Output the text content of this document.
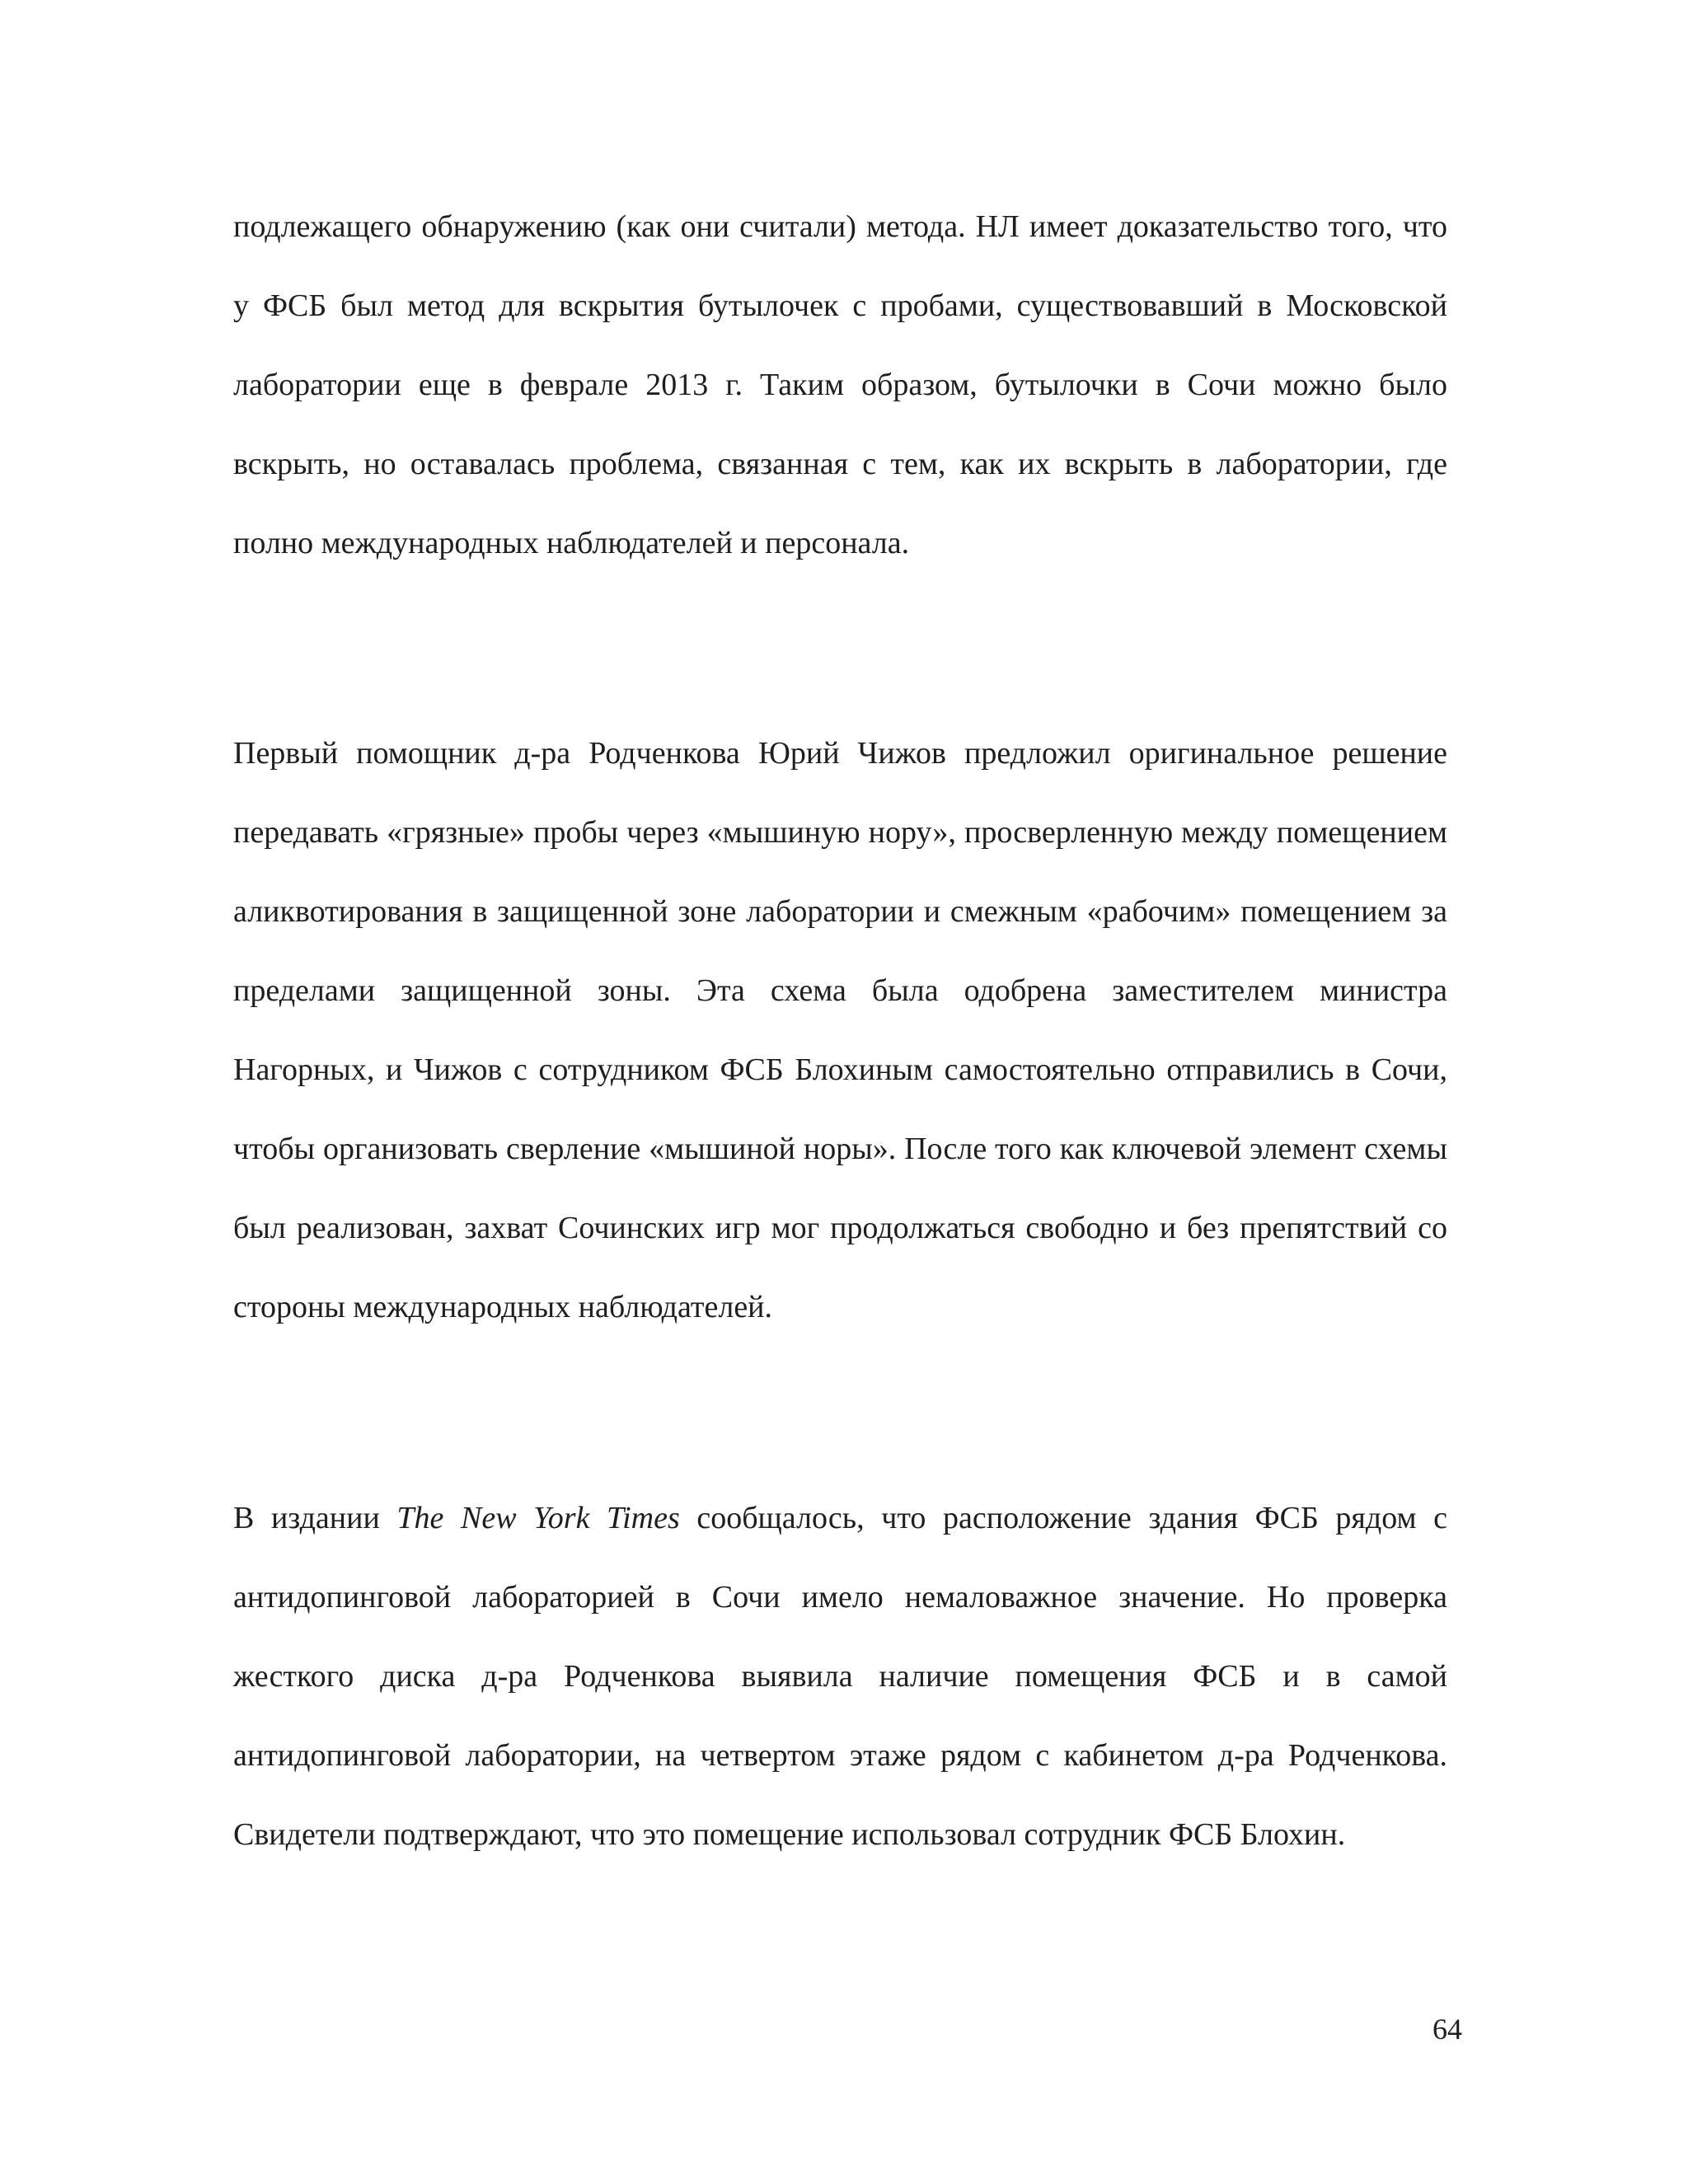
подлежащего обнаружению (как они считали) метода. НЛ имеет доказательство того, что у ФСБ был метод для вскрытия бутылочек с пробами, существовавший в Московской лаборатории еще в феврале 2013 г. Таким образом, бутылочки в Сочи можно было вскрыть, но оставалась проблема, связанная с тем, как их вскрыть в лаборатории, где полно международных наблюдателей и персонала.

Первый помощник д-ра Родченкова Юрий Чижов предложил оригинальное решение передавать «грязные» пробы через «мышиную нору», просверленную между помещением аликвотирования в защищенной зоне лаборатории и смежным «рабочим» помещением за пределами защищенной зоны. Эта схема была одобрена заместителем министра Нагорных, и Чижов с сотрудником ФСБ Блохиным самостоятельно отправились в Сочи, чтобы организовать сверление «мышиной норы». После того как ключевой элемент схемы был реализован, захват Сочинских игр мог продолжаться свободно и без препятствий со стороны международных наблюдателей.

В издании The New York Times сообщалось, что расположение здания ФСБ рядом с антидопинговой лабораторией в Сочи имело немаловажное значение. Но проверка жесткого диска д-ра Родченкова выявила наличие помещения ФСБ и в самой антидопинговой лаборатории, на четвертом этаже рядом с кабинетом д-ра Родченкова. Свидетели подтверждают, что это помещение использовал сотрудник ФСБ Блохин.

64
